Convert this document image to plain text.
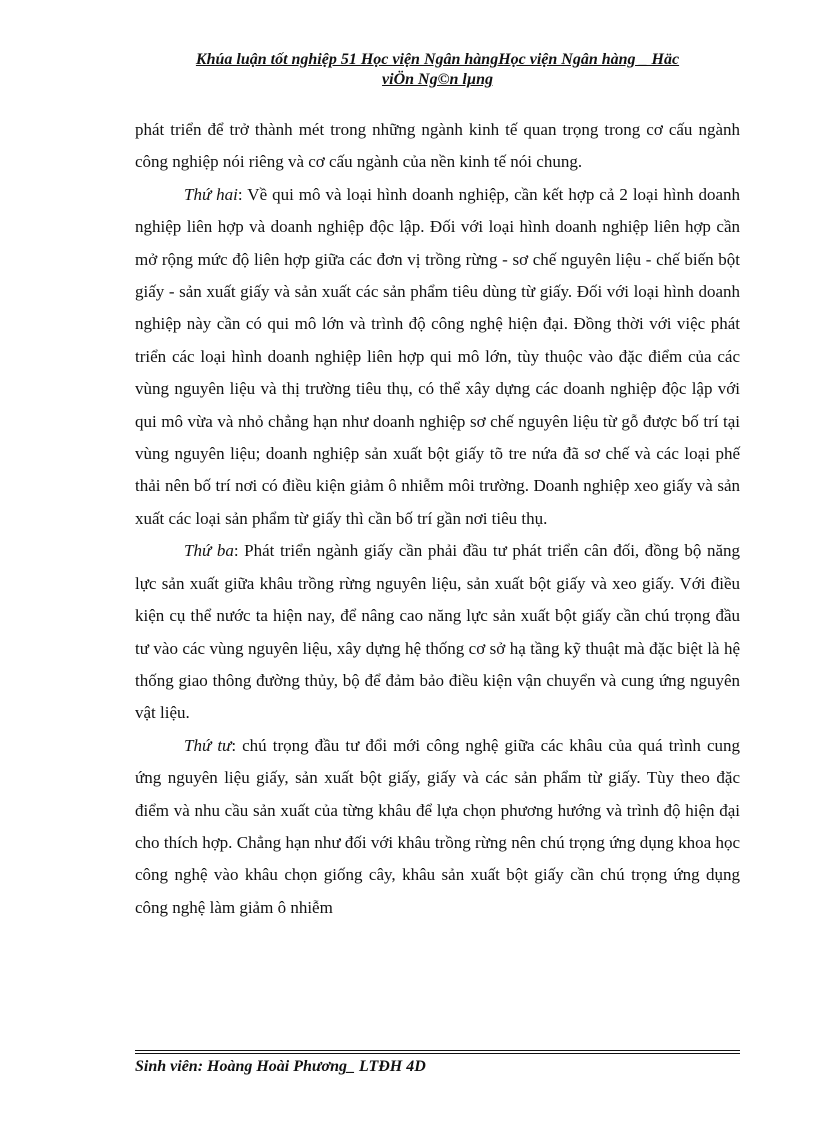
Khúa luận tốt nghiệp 51 Học viện Ngân hàngHọc viện Ngân hàng _ Häc
viÖn Ng©n lµng

phát triển để trở thành mét trong những ngành kinh tế quan trọng trong cơ cấu ngành công nghiệp nói riêng và cơ cấu ngành của nền kinh tế nói chung.

Thứ hai: Về qui mô và loại hình doanh nghiệp, cần kết hợp cả 2 loại hình doanh nghiệp liên hợp và doanh nghiệp độc lập. Đối với loại hình doanh nghiệp liên hợp cần mở rộng mức độ liên hợp giữa các đơn vị trồng rừng - sơ chế nguyên liệu - chế biến bột giấy - sản xuất giấy và sản xuất các sản phẩm tiêu dùng từ giấy. Đối với loại hình doanh nghiệp này cần có qui mô lớn và trình độ công nghệ hiện đại. Đồng thời với việc phát triển các loại hình doanh nghiệp liên hợp qui mô lớn, tùy thuộc vào đặc điểm của các vùng nguyên liệu và thị trường tiêu thụ, có thể xây dựng các doanh nghiệp độc lập với qui mô vừa và nhỏ chẳng hạn như doanh nghiệp sơ chế nguyên liệu từ gỗ được bố trí tại vùng nguyên liệu; doanh nghiệp sản xuất bột giấy tõ tre nứa đã sơ chế và các loại phế thải nên bố trí nơi có điều kiện giảm ô nhiễm môi trường. Doanh nghiệp xeo giấy và sản xuất các loại sản phẩm từ giấy thì cần bố trí gần nơi tiêu thụ.

Thứ ba: Phát triển ngành giấy cần phải đầu tư phát triển cân đối, đồng bộ năng lực sản xuất giữa khâu trồng rừng nguyên liệu, sản xuất bột giấy và xeo giấy. Với điều kiện cụ thể nước ta hiện nay, để nâng cao năng lực sản xuất bột giấy cần chú trọng đầu tư vào các vùng nguyên liệu, xây dựng hệ thống cơ sở hạ tầng kỹ thuật mà đặc biệt là hệ thống giao thông đường thủy, bộ để đảm bảo điều kiện vận chuyển và cung ứng nguyên vật liệu.

Thứ tư: chú trọng đầu tư đổi mới công nghệ giữa các khâu của quá trình cung ứng nguyên liệu giấy, sản xuất bột giấy, giấy và các sản phẩm từ giấy. Tùy theo đặc điểm và nhu cầu sản xuất của từng khâu để lựa chọn phương hướng và trình độ hiện đại cho thích hợp. Chẳng hạn như đối với khâu trồng rừng nên chú trọng ứng dụng khoa học công nghệ vào khâu chọn giống cây, khâu sản xuất bột giấy cần chú trọng ứng dụng công nghệ làm giảm ô nhiễm

Sinh viên: Hoàng Hoài Phương_ LTĐH 4D
